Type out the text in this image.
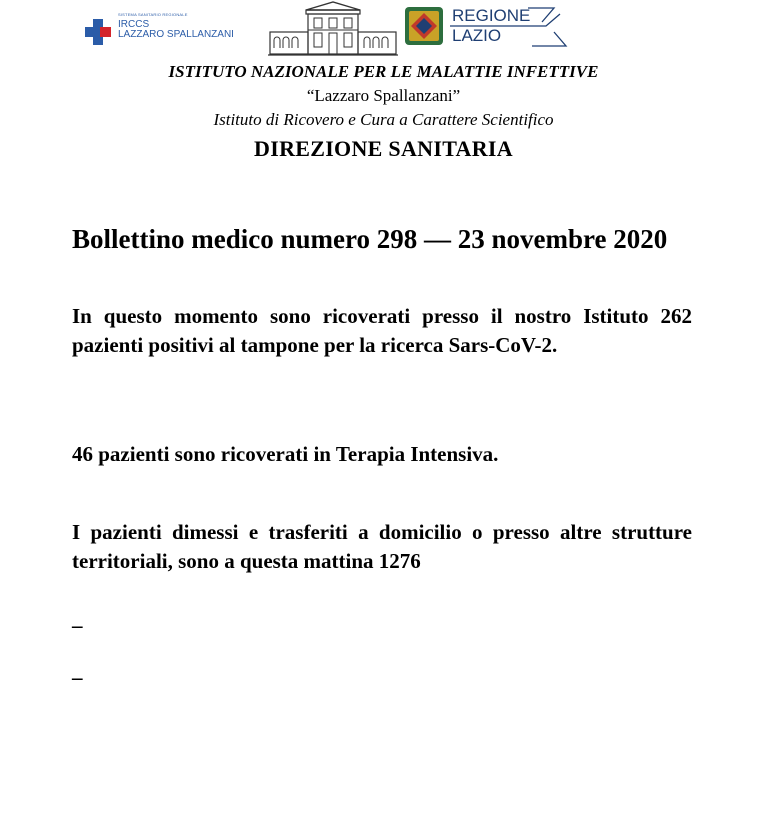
SISTEMA SANITARIO REGIONALE
IRCCS
LAZZARO SPALLANZANI
REGIONE
LAZIO
ISTITUTO NAZIONALE PER LE MALATTIE INFETTIVE
“Lazzaro Spallanzani”
Istituto di Ricovero e Cura a Carattere Scientifico
DIREZIONE SANITARIA
Bollettino medico numero 298 — 23 novembre 2020

In questo momento sono ricoverati presso il nostro Istituto 262 pazienti positivi al tampone per la ricerca Sars-CoV-2.

46 pazienti sono ricoverati in Terapia Intensiva.

I pazienti dimessi e trasferiti a domicilio o presso altre strutture territoriali, sono a questa mattina 1276

_
_
